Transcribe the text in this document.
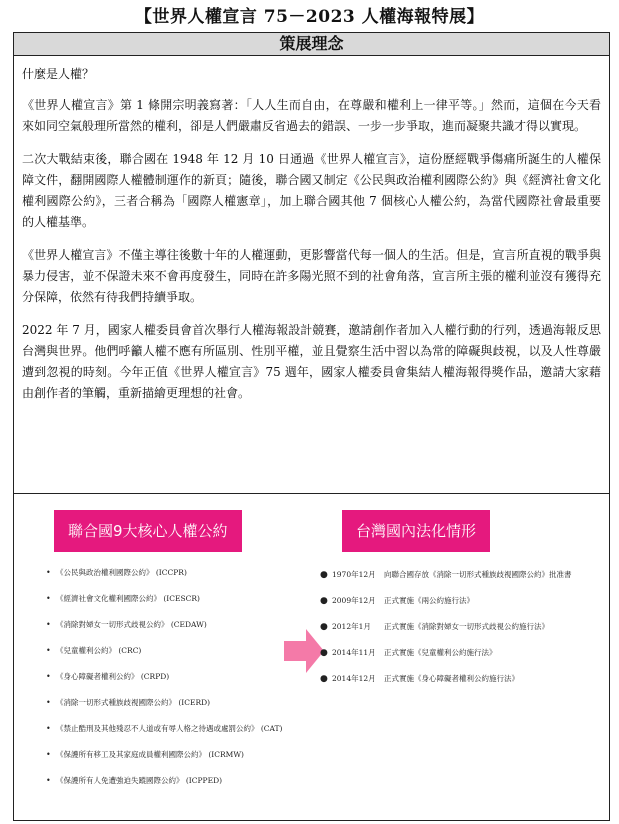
【世界人權宣言 75－2023 人權海報特展】
策展理念

什麼是人權？

《世界人權宣言》第 1 條開宗明義寫著：「人人生而自由，在尊嚴和權利上一律平等。」然而，這個在今天看來如同空氣般理所當然的權利，卻是人們嚴肅反省過去的錯誤、一步一步爭取，進而凝聚共識才得以實現。

二次大戰結束後，聯合國在 1948 年 12 月 10 日通過《世界人權宣言》，這份歷經戰爭傷痛所誕生的人權保障文件，翻開國際人權體制運作的新頁；隨後，聯合國又制定《公民與政治權利國際公約》與《經濟社會文化權利國際公約》，三者合稱為「國際人權憲章」，加上聯合國其他 7 個核心人權公約，為當代國際社會最重要的人權基準。

《世界人權宣言》不僅主導往後數十年的人權運動，更影響當代每一個人的生活。但是，宣言所直視的戰爭與暴力侵害，並不保證未來不會再度發生，同時在許多陽光照不到的社會角落，宣言所主張的權利並沒有獲得充分保障，依然有待我們持續爭取。

2022 年 7 月，國家人權委員會首次舉行人權海報設計競賽，邀請創作者加入人權行動的行列，透過海報反思台灣與世界。他們呼籲人權不應有所區別、性別平權，並且覺察生活中習以為常的障礙與歧視，以及人性尊嚴遭到忽視的時刻。今年正值《世界人權宣言》75 週年，國家人權委員會集結人權海報得獎作品，邀請大家藉由創作者的筆觸，重新描繪更理想的社會。

聯合國9大核心人權公約
• 《公民與政治權利國際公約》 (ICCPR)
• 《經濟社會文化權利國際公約》 (ICESCR)
• 《消除對婦女一切形式歧視公約》 (CEDAW)
• 《兒童權利公約》 (CRC)
• 《身心障礙者權利公約》 (CRPD)
• 《消除一切形式種族歧視國際公約》 (ICERD)
• 《禁止酷刑及其他殘忍不人道或有辱人格之待遇或處罰公約》 (CAT)
• 《保護所有移工及其家庭成員權利國際公約》 (ICRMW)
• 《保護所有人免遭強迫失蹤國際公約》 (ICPPED)
台灣國內法化情形
● 1970年12月 向聯合國存放《消除一切形式種族歧視國際公約》批准書
● 2009年12月 正式實施《兩公約施行法》
● 2012年1月 正式實施《消除對婦女一切形式歧視公約施行法》
● 2014年11月 正式實施《兒童權利公約施行法》
● 2014年12月 正式實施《身心障礙者權利公約施行法》
